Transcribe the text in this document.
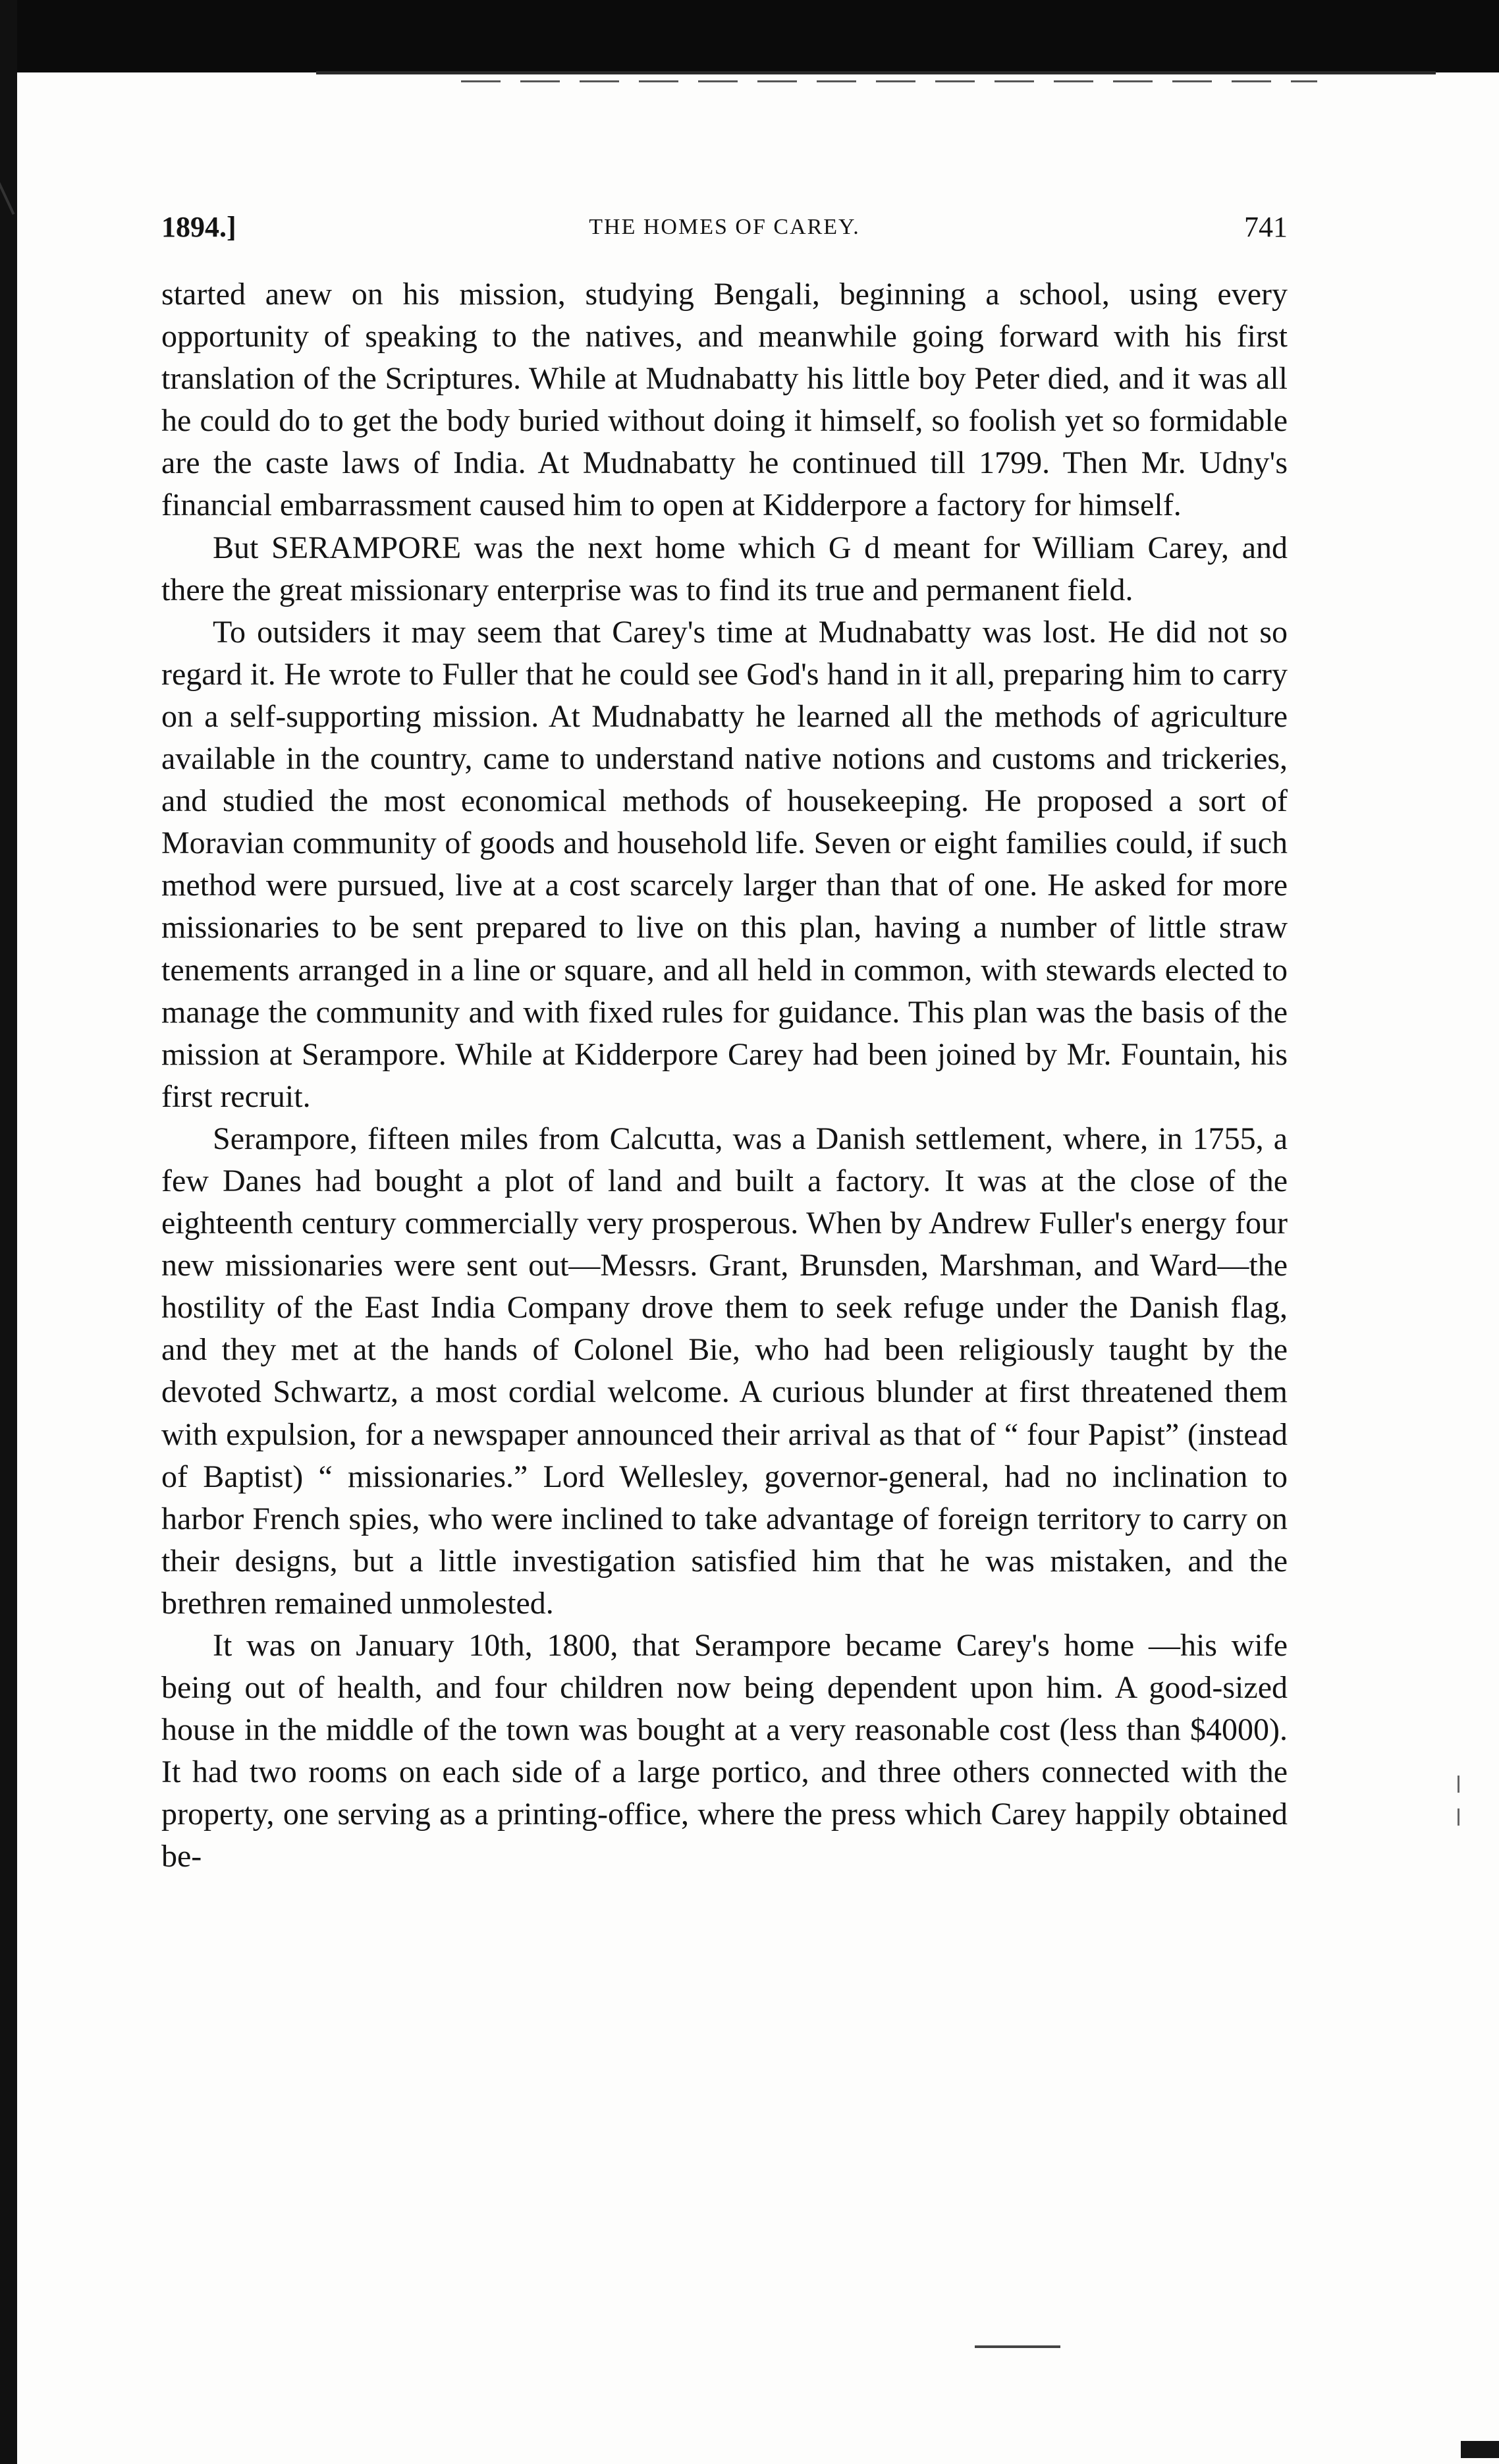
1894.]	THE HOMES OF CAREY.	741

started anew on his mission, studying Bengali, beginning a school, using every opportunity of speaking to the natives, and meanwhile going forward with his first translation of the Scriptures. While at Mudnabatty his little boy Peter died, and it was all he could do to get the body buried without doing it himself, so foolish yet so formidable are the caste laws of India. At Mudnabatty he continued till 1799. Then Mr. Udny's financial embarrassment caused him to open at Kidderpore a factory for himself.

But SERAMPORE was the next home which G d meant for William Carey, and there the great missionary enterprise was to find its true and permanent field.

To outsiders it may seem that Carey's time at Mudnabatty was lost. He did not so regard it. He wrote to Fuller that he could see God's hand in it all, preparing him to carry on a self-supporting mission. At Mudnabatty he learned all the methods of agriculture available in the country, came to understand native notions and customs and trickeries, and studied the most economical methods of housekeeping. He proposed a sort of Moravian community of goods and household life. Seven or eight families could, if such method were pursued, live at a cost scarcely larger than that of one. He asked for more missionaries to be sent prepared to live on this plan, having a number of little straw tenements arranged in a line or square, and all held in common, with stewards elected to manage the community and with fixed rules for guidance. This plan was the basis of the mission at Serampore. While at Kidderpore Carey had been joined by Mr. Fountain, his first recruit.

Serampore, fifteen miles from Calcutta, was a Danish settlement, where, in 1755, a few Danes had bought a plot of land and built a factory. It was at the close of the eighteenth century commercially very prosperous. When by Andrew Fuller's energy four new missionaries were sent out—Messrs. Grant, Brunsden, Marshman, and Ward—the hostility of the East India Company drove them to seek refuge under the Danish flag, and they met at the hands of Colonel Bie, who had been religiously taught by the devoted Schwartz, a most cordial welcome. A curious blunder at first threatened them with expulsion, for a newspaper announced their arrival as that of “ four Papist” (instead of Baptist) “ missionaries.” Lord Wellesley, governor-general, had no inclination to harbor French spies, who were inclined to take advantage of foreign territory to carry on their designs, but a little investigation satisfied him that he was mistaken, and the brethren remained unmolested.

It was on January 10th, 1800, that Serampore became Carey's home —his wife being out of health, and four children now being dependent upon him. A good-sized house in the middle of the town was bought at a very reasonable cost (less than $4000). It had two rooms on each side of a large portico, and three others connected with the property, one serving as a printing-office, where the press which Carey happily obtained be-
